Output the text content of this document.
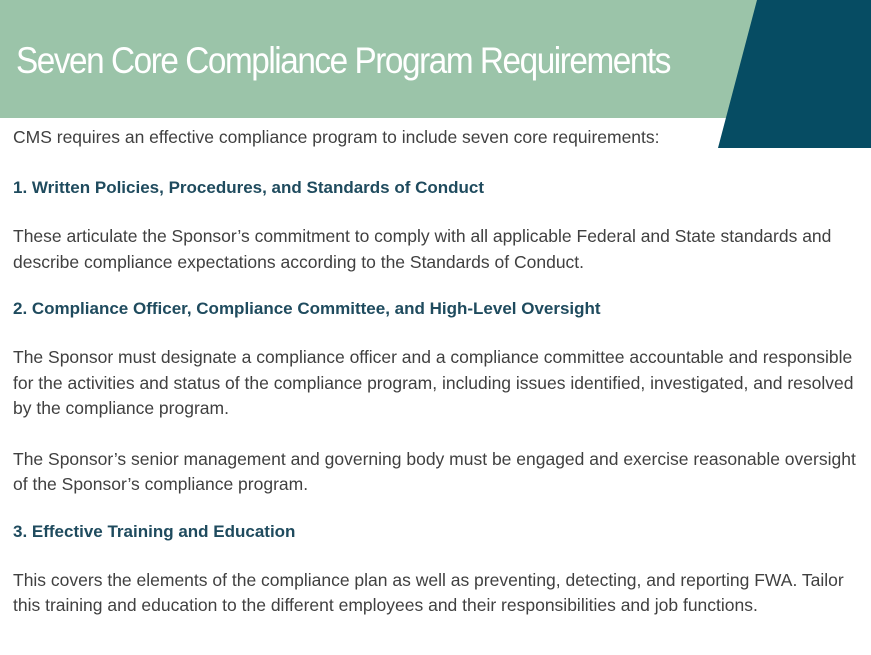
Seven Core Compliance Program Requirements

CMS requires an effective compliance program to include seven core requirements:

1. Written Policies, Procedures, and Standards of Conduct

These articulate the Sponsor’s commitment to comply with all applicable Federal and State standards and describe compliance expectations according to the Standards of Conduct.

2. Compliance Officer, Compliance Committee, and High-Level Oversight

The Sponsor must designate a compliance officer and a compliance committee accountable and responsible for the activities and status of the compliance program, including issues identified, investigated, and resolved by the compliance program.

The Sponsor’s senior management and governing body must be engaged and exercise reasonable oversight of the Sponsor’s compliance program.

3. Effective Training and Education

This covers the elements of the compliance plan as well as preventing, detecting, and reporting FWA. Tailor this training and education to the different employees and their responsibilities and job functions.
